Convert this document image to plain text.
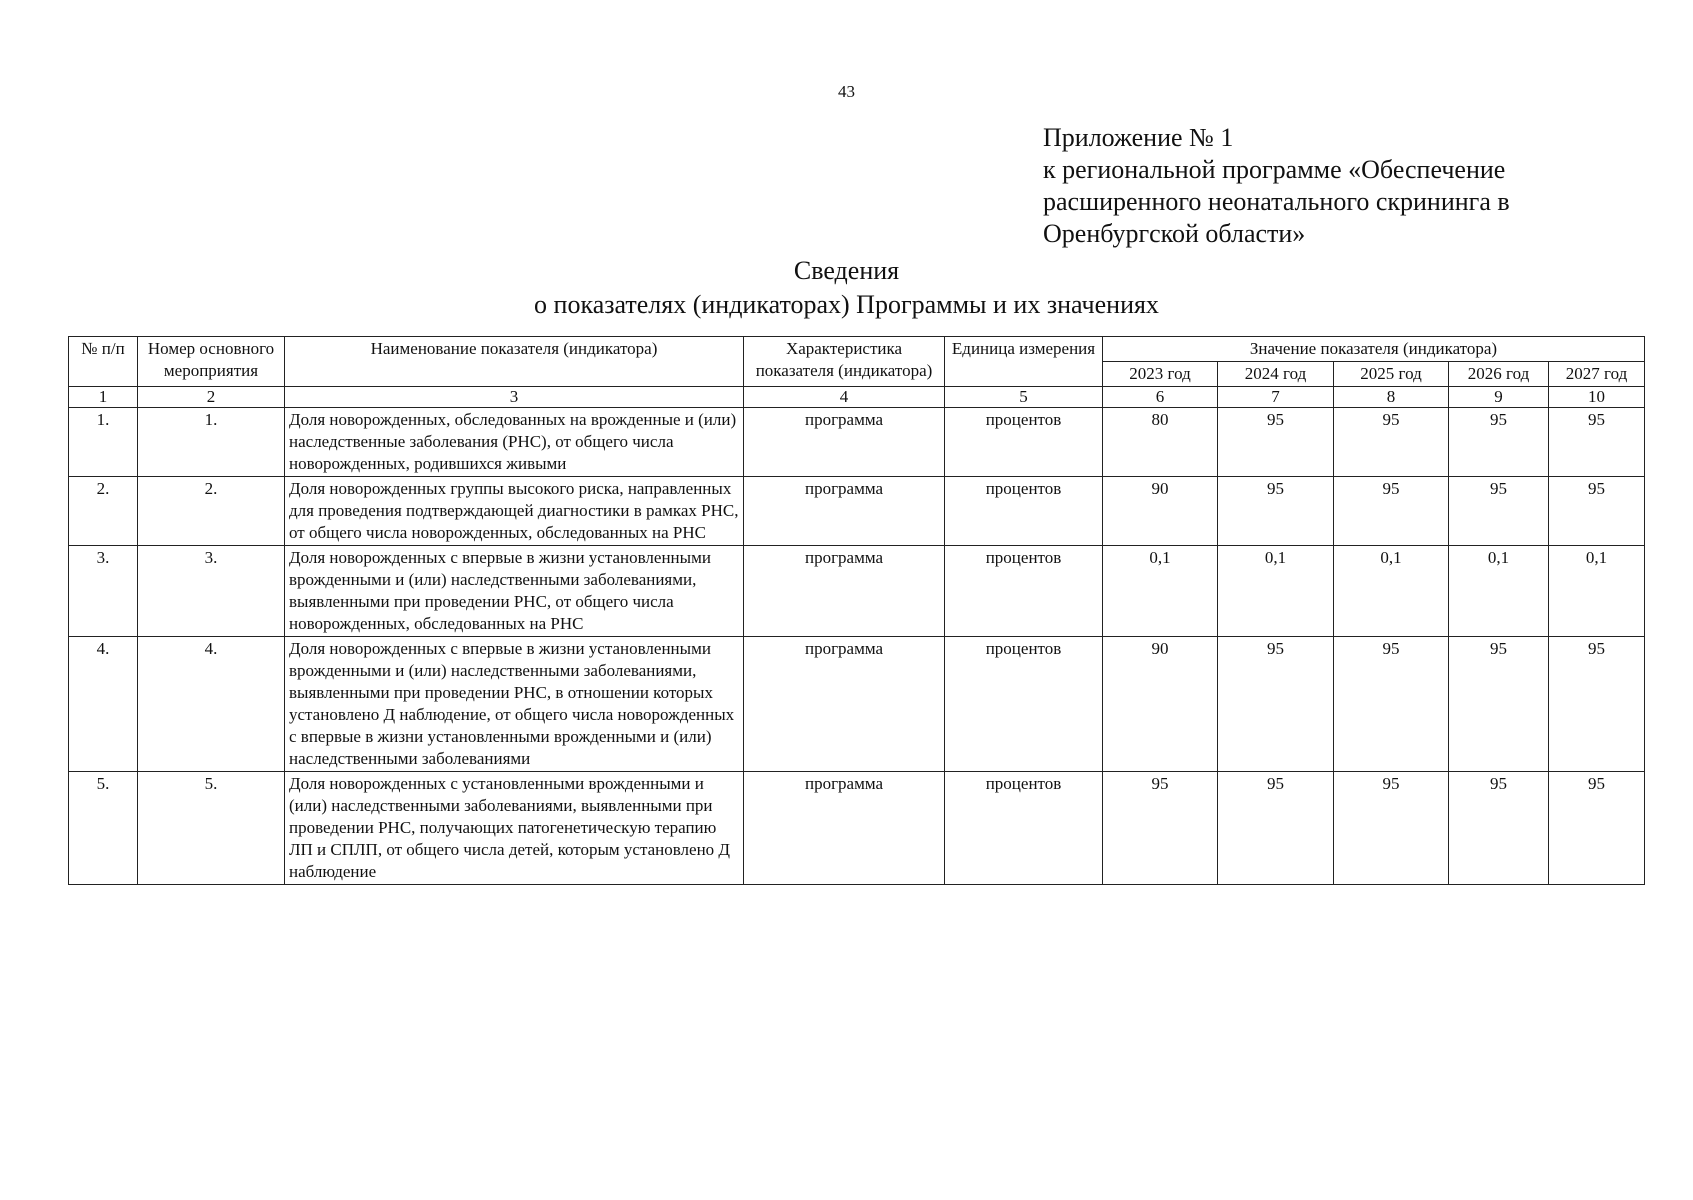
43
Приложение № 1
к региональной программе «Обеспечение
расширенного неонатального скрининга в
Оренбургской области»
Сведения
о показателях (индикаторах) Программы и их значениях
№ п/п	Номер основного мероприятия	Наименование показателя (индикатора)	Характеристика показателя (индикатора)	Единица измерения	Значение показателя (индикатора)				
					2023 год	2024 год	2025 год	2026 год	2027 год
1	2	3	4	5	6	7	8	9	10
1.	1.	Доля новорожденных, обследованных на врожденные и (или) наследственные заболевания (РНС), от общего числа новорожденных, родившихся живыми	программа	процентов	80	95	95	95	95
2.	2.	Доля новорожденных группы высокого риска, направленных для проведения подтверждающей диагностики в рамках РНС, от общего числа новорожденных, обследованных на РНС	программа	процентов	90	95	95	95	95
3.	3.	Доля новорожденных с впервые в жизни установленными врожденными и (или) наследственными заболеваниями, выявленными при проведении РНС, от общего числа новорожденных, обследованных на РНС	программа	процентов	0,1	0,1	0,1	0,1	0,1
4.	4.	Доля новорожденных с впервые в жизни установленными врожденными и (или) наследственными заболеваниями, выявленными при проведении РНС, в отношении которых установлено Д наблюдение, от общего числа новорожденных с впервые в жизни установленными врожденными и (или) наследственными заболеваниями	программа	процентов	90	95	95	95	95
5.	5.	Доля новорожденных с установленными врожденными и (или) наследственными заболеваниями, выявленными при проведении РНС, получающих патогенетическую терапию ЛП и СПЛП, от общего числа детей, которым установлено Д наблюдение	программа	процентов	95	95	95	95	95
